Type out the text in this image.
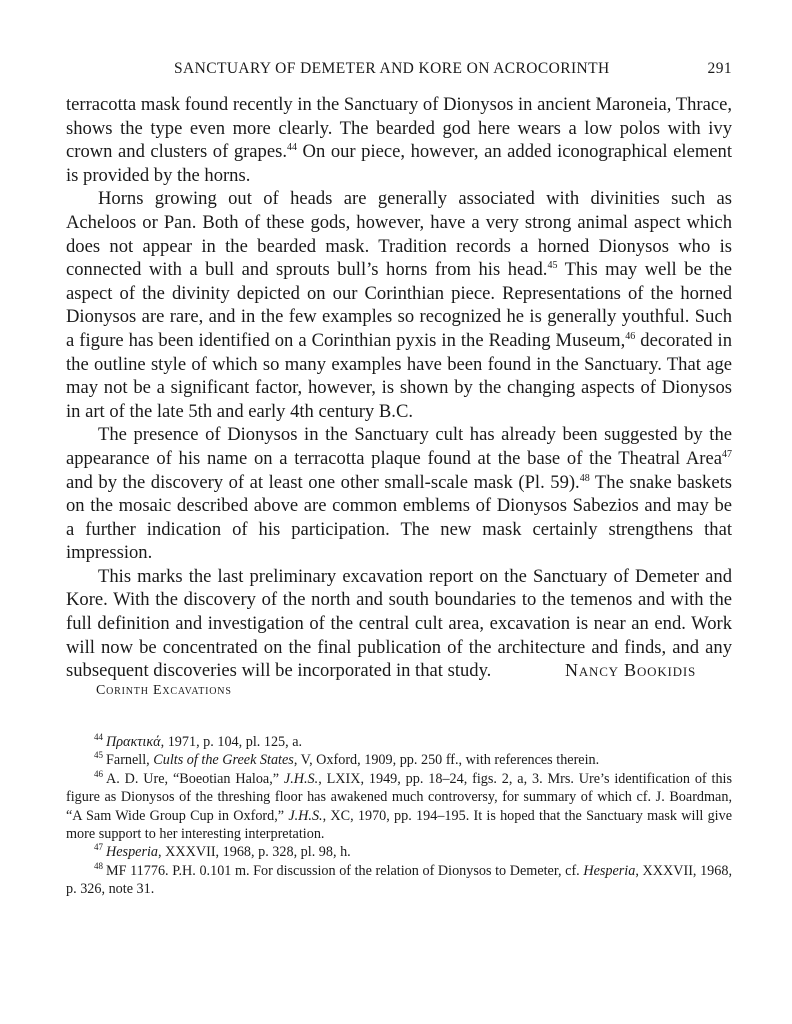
SANCTUARY OF DEMETER AND KORE ON ACROCORINTH	291

terracotta mask found recently in the Sanctuary of Dionysos in ancient Maroneia, Thrace, shows the type even more clearly. The bearded god here wears a low polos with ivy crown and clusters of grapes.$^{44}$ On our piece, however, an added iconographical element is provided by the horns.

Horns growing out of heads are generally associated with divinities such as Acheloos or Pan. Both of these gods, however, have a very strong animal aspect which does not appear in the bearded mask. Tradition records a horned Dionysos who is connected with a bull and sprouts bull’s horns from his head.$^{45}$ This may well be the aspect of the divinity depicted on our Corinthian piece. Representations of the horned Dionysos are rare, and in the few examples so recognized he is generally youthful. Such a figure has been identified on a Corinthian pyxis in the Reading Museum,$^{46}$ decorated in the outline style of which so many examples have been found in the Sanctuary. That age may not be a significant factor, however, is shown by the changing aspects of Dionysos in art of the late 5th and early 4th century B.C.

The presence of Dionysos in the Sanctuary cult has already been suggested by the appearance of his name on a terracotta plaque found at the base of the Theatral Area$^{47}$ and by the discovery of at least one other small-scale mask (Pl. 59).$^{48}$ The snake baskets on the mosaic described above are common emblems of Dionysos Sabezios and may be a further indication of his participation. The new mask certainly strengthens that impression.

This marks the last preliminary excavation report on the Sanctuary of Demeter and Kore. With the discovery of the north and south boundaries to the temenos and with the full definition and investigation of the central cult area, excavation is near an end. Work will now be concentrated on the final publication of the architecture and finds, and any subsequent discoveries will be incorporated in that study.	Nancy Bookidis
Corinth Excavations

$^{44}$ Πρακτικά, 1971, p. 104, pl. 125, a.

$^{45}$ Farnell, Cults of the Greek States, V, Oxford, 1909, pp. 250 ff., with references therein.

$^{46}$ A. D. Ure, “Boeotian Haloa,” J.H.S., LXIX, 1949, pp. 18–24, figs. 2, a, 3. Mrs. Ure’s identification of this figure as Dionysos of the threshing floor has awakened much controversy, for summary of which cf. J. Boardman, “A Sam Wide Group Cup in Oxford,” J.H.S., XC, 1970, pp. 194–195. It is hoped that the Sanctuary mask will give more support to her interesting interpretation.

$^{47}$ Hesperia, XXXVII, 1968, p. 328, pl. 98, h.

$^{48}$ MF 11776. P.H. 0.101 m. For discussion of the relation of Dionysos to Demeter, cf. Hesperia, XXXVII, 1968, p. 326, note 31.
